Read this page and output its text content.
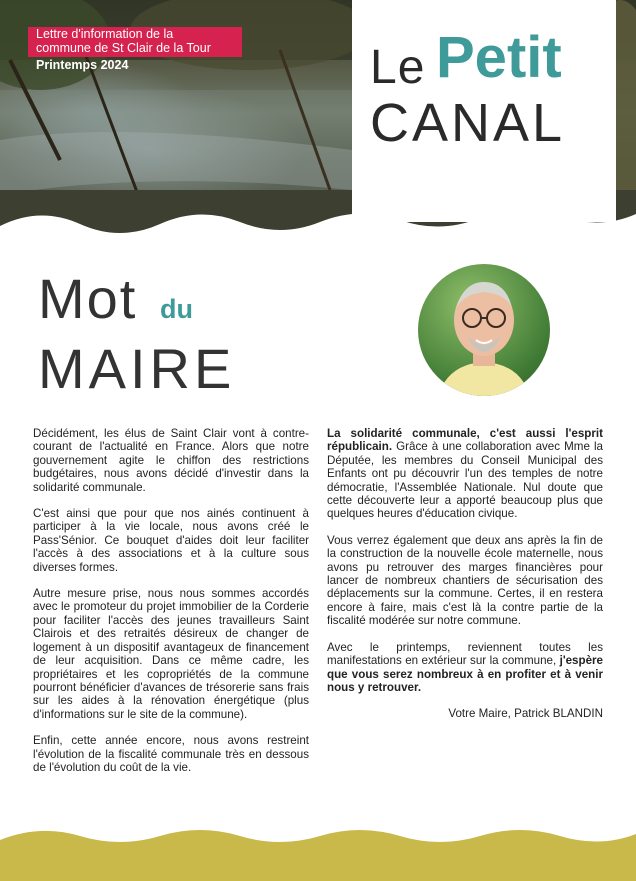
Lettre d'information de la
commune de St Clair de la Tour
Printemps 2024	Le Petit
CANAL
Mot du
MAIRE

Décidément, les élus de Saint Clair vont à contre-courant de l'actualité en France. Alors que notre gouvernement agite le chiffon des restrictions budgétaires, nous avons décidé d'investir dans la solidarité communale.

C'est ainsi que pour que nos ainés continuent à participer à la vie locale, nous avons créé le Pass'Sénior. Ce bouquet d'aides doit leur faciliter l'accès à des associations et à la culture sous diverses formes.

Autre mesure prise, nous nous sommes accordés avec le promoteur du projet immobilier de la Corderie pour faciliter l'accès des jeunes travailleurs Saint Clairois et des retraités désireux de changer de logement à un dispositif avantageux de financement de leur acquisition. Dans ce même cadre, les propriétaires et les copropriétés de la commune pourront bénéficier d'avances de trésorerie sans frais sur les aides à la rénovation énergétique (plus d'informations sur le site de la commune).

Enfin, cette année encore, nous avons restreint l'évolution de la fiscalité communale très en dessous de l'évolution du coût de la vie.

La solidarité communale, c'est aussi l'esprit républicain. Grâce à une collaboration avec Mme la Députée, les membres du Conseil Municipal des Enfants ont pu découvrir l'un des temples de notre démocratie, l'Assemblée Nationale. Nul doute que cette découverte leur a apporté beaucoup plus que quelques heures d'éducation civique.

Vous verrez également que deux ans après la fin de la construction de la nouvelle école maternelle, nous avons pu retrouver des marges financières pour lancer de nombreux chantiers de sécurisation des déplacements sur la commune. Certes, il en restera encore à faire, mais c'est là la contre partie de la fiscalité modérée sur notre commune.

Avec le printemps, reviennent toutes les manifestations en extérieur sur la commune, j'espère que vous serez nombreux à en profiter et à venir nous y retrouver.

Votre Maire, Patrick BLANDIN
